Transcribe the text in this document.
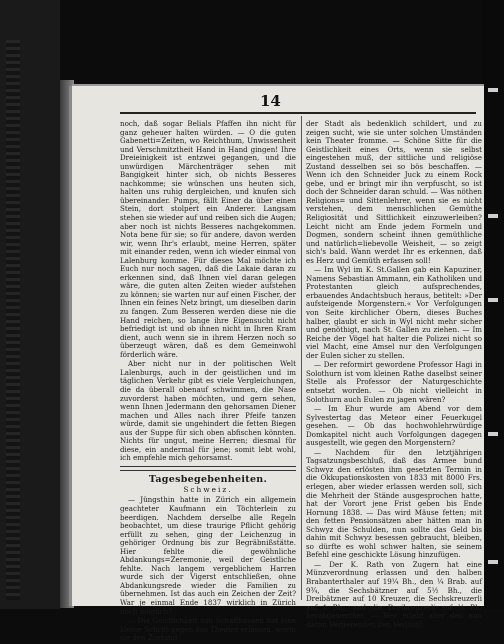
14

noch, daß sogar Belials Pfaffen ihn nicht für ganz geheuer halten würden. — O die guten Gabenetti=Zeiten, wo Reichthum, Unwissenheit und Verschmitztheit Hand in Hand gingen! Ihre Dreieinigkeit ist entzwei gegangen, und die unwürdigen Märchenträger sehen mit Bangigkeit hinter sich, ob nichts Besseres nachkomme; sie wünschen uns heuten sich, halten uns ruhig dergleichen, und knufen sich übereinander. Pumps, fällt Einer da über einen Stein, dort stolpert ein Anderer. Langsam stehen sie wieder auf und reiben sich die Augen; aber noch ist nichts Besseres nachgekommen. Nota bene für sie; so für andere, davon werden wir, wenn Ihr's erlaubt, meine Herren, später mit einander reden, wenn ich wieder einmal von Lalenburg komme. Für dieses Mal möchte ich Euch nur noch sagen, daß die Lakaie daran zu erkennen sind, daß Ihnen viel daran gelegen wäre, die guten alten Zeiten wieder aufstehen zu können; sie warten nur auf einen Fischer, der Ihnen ein feines Netz bringt, um dieselben darin zu fangen. Zum Besseren werden diese nie die Hand reichen, so lange ihre Eigensucht nicht befriedigt ist und ob ihnen nicht in Ihren Kram dient, auch wenn sie in ihrem Herzen noch so überzeugt wären, daß es dem Gemeinwohl förderlich wäre.

Aber nicht nur in der politischen Welt Lalenburgs, auch in der geistlichen und im täglichen Verkehr gibt es viele Vergleichungen, die da überall obenauf schwimmen, die Nase zuvorderst haben möchten, und gern sehen, wenn Ihnen Jedermann den gehorsamen Diener machen und Alles nach ihrer Pfeife tanzen würde, damit sie ungehindert die fetten Biegen aus der Suppe für sich oben abfischen könnten. Nichts für ungut, meine Herren; diesmal für diese, ein andermal für jene; somit lebt wohl, ich empfehle mich gehorsamst.

Tagesbegebenheiten.
Schweiz.

— Jüngsthin hatte in Zürich ein allgemein geachteter Kaufmann ein Töchterlein zu beerdigen. Nachdem derselbe alle Regeln beobachtet, um diese traurige Pflicht gehörig erfüllt zu sehen, ging der Leichenzug in gehöriger Ordnung bis zur Begräbnißstätte. Hier fehlte die gewöhnliche Abdankungs=Zeremonie, weil der Geistliche fehlte. Nach langem vergeblichem Harren wurde sich der Vigerst entschließen, ohne Abdankungsrede wieder die Familien zu übernehmen. Ist das auch ein Zeichen der Zeit? War je einmal Ende 1837 wirklich in Zürich noch möglich?

— Die Geistlichkeit von Schaffhausen hat eine kleine Schrift gegen das Theater erlassen, worin sie den Zustand

der Stadt als bedenklich schildert, und zu zeigen sucht, wie sie unter solchen Umständen kein Theater fromme. — Schöne Sitte für die Geistlichkeit eines Orts, wenn sie selbst eingestehen muß, der sittliche und religiöse Zustand desselben sei so bös beschaffen. — Wenn ich den Schneider Juck zu einem Rock gebe, und er bringt mir ihn verpfuscht, so ist doch der Schneider daran schuld. — Was nöthen Religions= und Sittenlehrer, wenn sie es nicht verstehen, dem menschlichen Gemüthe Religiosität und Sittlichkeit einzuwerleiben? Leicht nicht am Ende jedem Formeln und Dogmen, sondern scheint ihnen gemüthliche und natürlich=liebevolle Weisheit, — so zeigt sich's bald. Wann werdet Ihr es erkennen, daß es Herz und Gemüth erfassen soll!

— Im Wyl im K. St.Gallen gab ein Kapuziner, Namens Sebastian Ammann, ein Katholiken und Protestanten gleich aufsprechendes, erbauendes Andachtsbuch heraus, betitelt: »Der aufsteigende Morgenstern.« Vor Verfolgungen von Seite kirchlicher Obern, dieses Buches halber, glaubt er sich in Wyl nicht mehr sicher und genöthigt, nach St. Gallen zu ziehen. — Im Reiche der Vögel hat halter die Polizei nicht so viel Macht, eine Amsel nur den Verfolgungen der Eulen sicher zu stellen.

— Der reformirt gewordene Professor Hagi in Solothurn ist vom kleinen Rathe daselbst seiner Stelle als Professor der Naturgeschichte entsetzt worden. — Ob nicht vielleicht in Solothurn auch Eulen zu jagen wären?

— Im Ehur wurde am Abend vor dem Sylvestertag das Meteor einer Feuerkugel gesehen. — Ob das hochwohlehrwürdige Domkapitel nicht auch Vorfolgungen dagegen ausgestellt, wie gegen den Morgenstern?

— Nachdem für den letztjährigen Tagsatzungsbeschluß, daß das Armee bund Schwyz den erlösten ihm gesetzten Termin in die Okkupationskosten von 1833 mit 8000 Frs. erlegen, aber wieder erlassen werden soll, sich die Mehrheit der Stände ausgesprochen hatte, hat der Vorort jene Frist geben bis Ende Hornung 1838. — Das wird Mäuse fetten; mit den fetten Pensionsätzen aber hätten man in Schwyz die Schulden, nun sollte das Geld bis dahin mit Schwyz besessen gebraucht, bleiben, so dürfte es wohl schwer halten, sie seinem Befehl eine geschickte Lösung hinzufügen.

— Der K. Rath von Zugern hat eine Münzverordnung erlassen und den halben Brabanterthaler auf 19¼ Bh., den ¼ Brab. auf 9¾, die Sechsbätzner auf 5½ Bh., die Dreibätzner auf 10 Kreuzer, die Sechskreuzerli auf 1 Bh., und die Dreikreuzerli auf ½ Bh. herabgewerthet. — Wer erlebt aber den nun daran Verlierenden den Verlust?
